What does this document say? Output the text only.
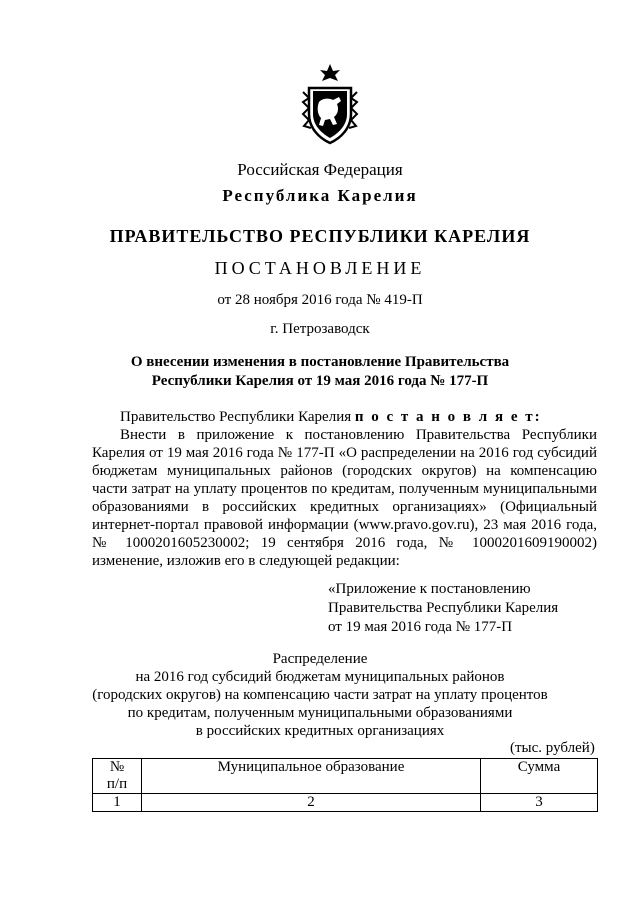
Российская Федерация
Республика Карелия
ПРАВИТЕЛЬСТВО РЕСПУБЛИКИ КАРЕЛИЯ
ПОСТАНОВЛЕНИЕ
от 28 ноября 2016 года № 419-П
г. Петрозаводск
О внесении изменения в постановление Правительства
Республики Карелия от 19 мая 2016 года № 177-П

Правительство Республики Карелия п о с т а н о в л я е т:

Внести в приложение к постановлению Правительства Республики Карелия от 19 мая 2016 года № 177-П «О распределении на 2016 год субсидий бюджетам муниципальных районов (городских округов) на компенсацию части затрат на уплату процентов по кредитам, полученным муниципальными образованиями в российских кредитных организациях» (Официальный интернет-портал правовой информации (www.pravo.gov.ru), 23 мая 2016 года, № 1000201605230002; 19 сентября 2016 года, № 1000201609190002) изменение, изложив его в следующей редакции:

«Приложение к постановлению
Правительства Республики Карелия
от 19 мая 2016 года № 177-П
Распределение
на 2016 год субсидий бюджетам муниципальных районов
(городских округов) на компенсацию части затрат на уплату процентов
по кредитам, полученным муниципальными образованиями
в российских кредитных организациях
(тыс. рублей)
№
п/п	Муниципальное образование	Сумма
1	2	3
